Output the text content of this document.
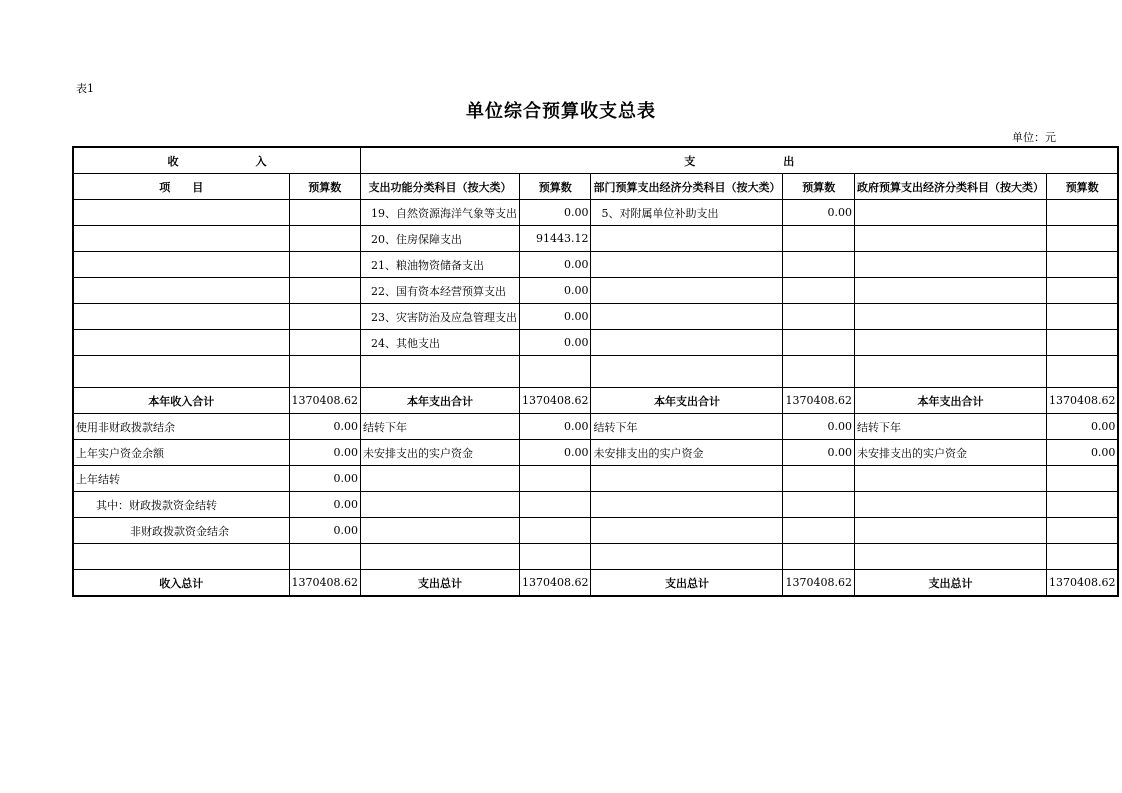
表1
单位综合预算收支总表
单位：元
收　　　　　　　入		支　　　　　　　　出					
项　　目	预算数	支出功能分类科目（按大类）	预算数	部门预算支出经济分类科目（按大类）	预算数	政府预算支出经济分类科目（按大类）	预算数
		19、自然资源海洋气象等支出	0.00	5、对附属单位补助支出	0.00		
		20、住房保障支出	91443.12				
		21、粮油物资储备支出	0.00				
		22、国有资本经营预算支出	0.00				
		23、灾害防治及应急管理支出	0.00				
		24、其他支出	0.00				

本年收入合计	1370408.62	本年支出合计	1370408.62	本年支出合计	1370408.62	本年支出合计	1370408.62
使用非财政拨款结余	0.00	结转下年	0.00	结转下年	0.00	结转下年	0.00
上年实户资金余额	0.00	未安排支出的实户资金	0.00	未安排支出的实户资金	0.00	未安排支出的实户资金	0.00
上年结转	0.00						
其中：财政拨款资金结转	0.00						
非财政拨款资金结余	0.00						

收入总计	1370408.62	支出总计	1370408.62	支出总计	1370408.62	支出总计	1370408.62
